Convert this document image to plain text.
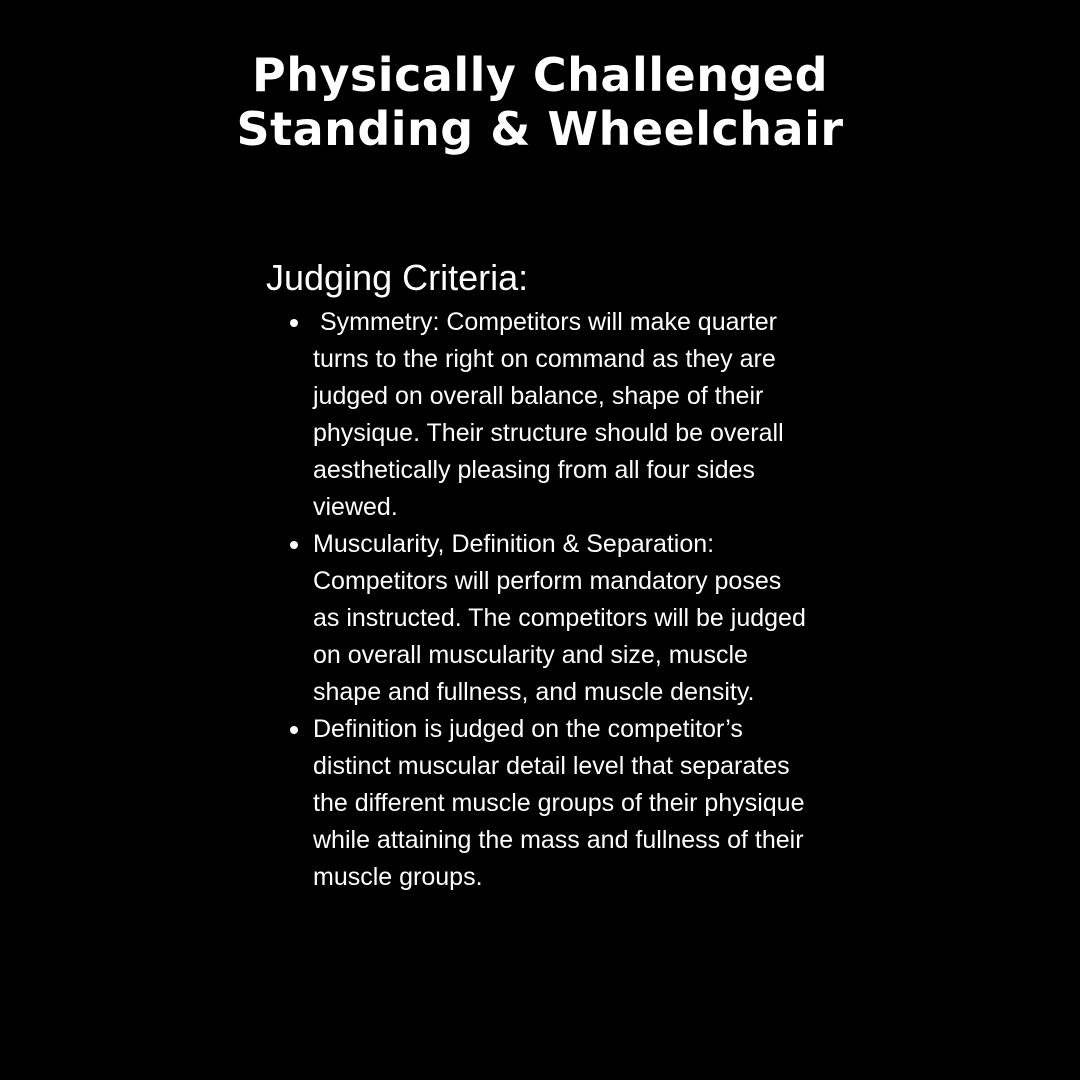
Physically Challenged
Standing & Wheelchair
Judging Criteria:
Symmetry: Competitors will make quarter turns to the right on command as they are judged on overall balance, shape of their physique. Their structure should be overall aesthetically pleasing from all four sides viewed.
Muscularity, Definition & Separation: Competitors will perform mandatory poses as instructed. The competitors will be judged on overall muscularity and size, muscle shape and fullness, and muscle density.
Definition is judged on the competitor’s distinct muscular detail level that separates the different muscle groups of their physique while attaining the mass and fullness of their muscle groups.
